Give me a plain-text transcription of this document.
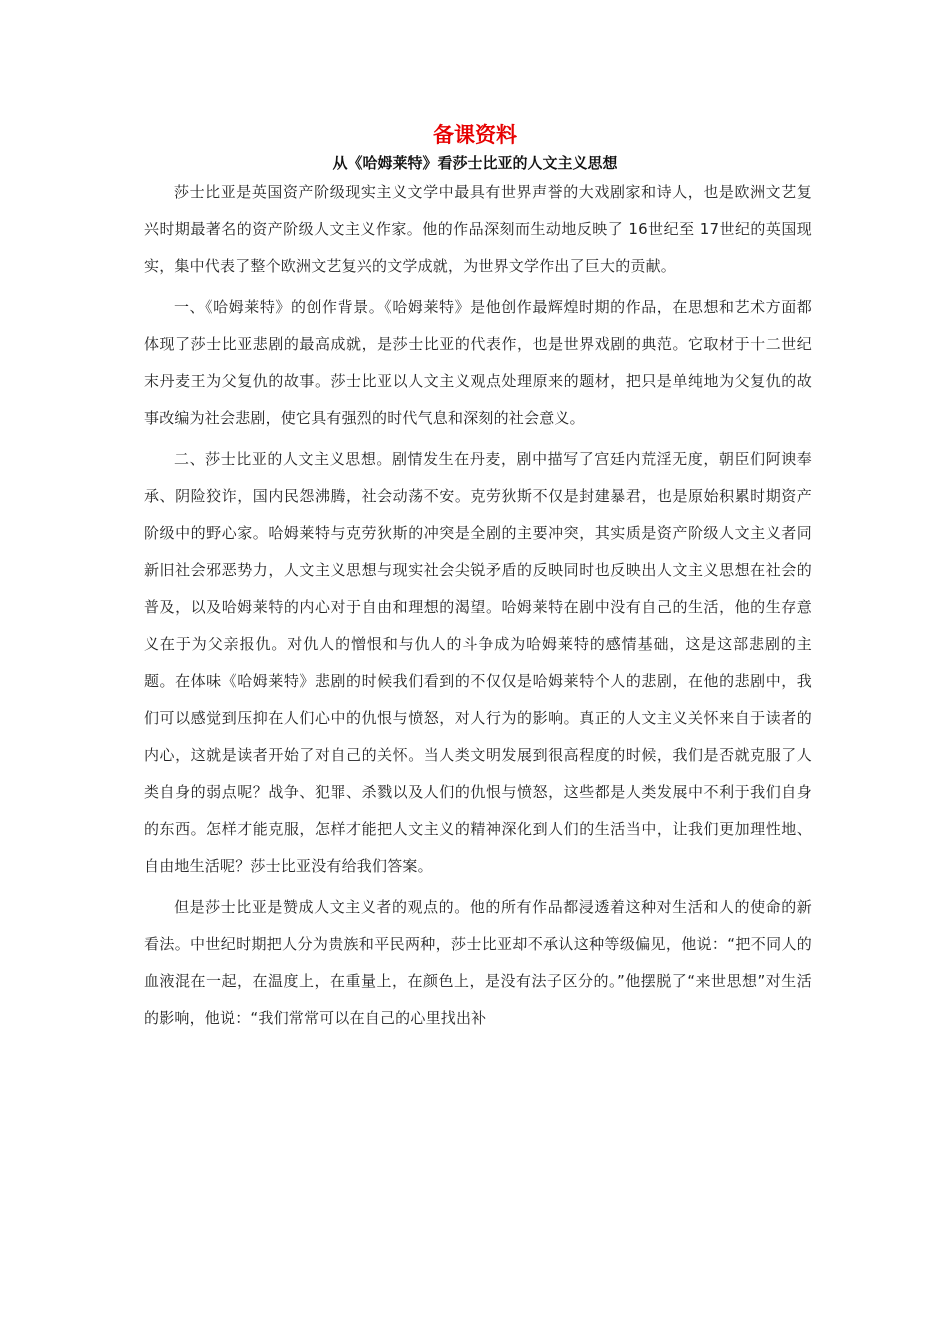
备课资料
从《哈姆莱特》看莎士比亚的人文主义思想

莎士比亚是英国资产阶级现实主义文学中最具有世界声誉的大戏剧家和诗人，也是欧洲文艺复兴时期最著名的资产阶级人文主义作家。他的作品深刻而生动地反映了 16世纪至 17世纪的英国现实，集中代表了整个欧洲文艺复兴的文学成就，为世界文学作出了巨大的贡献。

一、《哈姆莱特》的创作背景。《哈姆莱特》是他创作最辉煌时期的作品，在思想和艺术方面都体现了莎士比亚悲剧的最高成就，是莎士比亚的代表作，也是世界戏剧的典范。它取材于十二世纪末丹麦王为父复仇的故事。莎士比亚以人文主义观点处理原来的题材，把只是单纯地为父复仇的故事改编为社会悲剧，使它具有强烈的时代气息和深刻的社会意义。

二、莎士比亚的人文主义思想。剧情发生在丹麦，剧中描写了宫廷内荒淫无度，朝臣们阿谀奉承、阴险狡诈，国内民怨沸腾，社会动荡不安。克劳狄斯不仅是封建暴君，也是原始积累时期资产阶级中的野心家。哈姆莱特与克劳狄斯的冲突是全剧的主要冲突，其实质是资产阶级人文主义者同新旧社会邪恶势力，人文主义思想与现实社会尖锐矛盾的反映同时也反映出人文主义思想在社会的普及，以及哈姆莱特的内心对于自由和理想的渴望。哈姆莱特在剧中没有自己的生活，他的生存意义在于为父亲报仇。对仇人的憎恨和与仇人的斗争成为哈姆莱特的感情基础，这是这部悲剧的主题。在体味《哈姆莱特》悲剧的时候我们看到的不仅仅是哈姆莱特个人的悲剧，在他的悲剧中，我们可以感觉到压抑在人们心中的仇恨与愤怒，对人行为的影响。真正的人文主义关怀来自于读者的内心，这就是读者开始了对自己的关怀。当人类文明发展到很高程度的时候，我们是否就克服了人类自身的弱点呢？战争、犯罪、杀戮以及人们的仇恨与愤怒，这些都是人类发展中不利于我们自身的东西。怎样才能克服，怎样才能把人文主义的精神深化到人们的生活当中，让我们更加理性地、自由地生活呢？莎士比亚没有给我们答案。

但是莎士比亚是赞成人文主义者的观点的。他的所有作品都浸透着这种对生活和人的使命的新看法。中世纪时期把人分为贵族和平民两种，莎士比亚却不承认这种等级偏见，他说：“把不同人的血液混在一起，在温度上，在重量上，在颜色上，是没有法子区分的。”他摆脱了“来世思想”对生活的影响，他说：“我们常常可以在自己的心里找出补
